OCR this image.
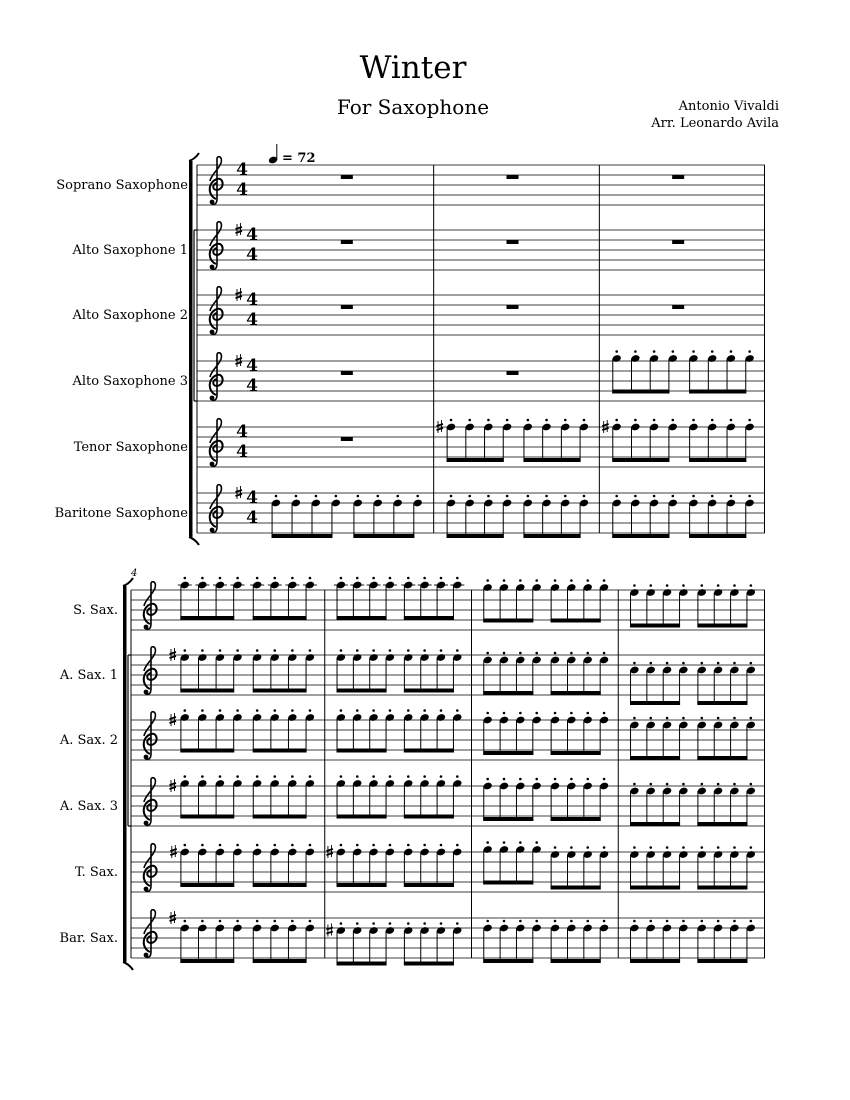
Winter
For Saxophone	Antonio Vivaldi
Arr. Leonardo Avila
Soprano Saxophone
4
4
Alto Saxophone 1
4
4
Alto Saxophone 2
4
4
Alto Saxophone 3
4
4
Tenor Saxophone
4
4
Baritone Saxophone
4
4
4
S. Sax.
A. Sax. 1
A. Sax. 2
A. Sax. 3
T. Sax.
Bar. Sax.
= 72
